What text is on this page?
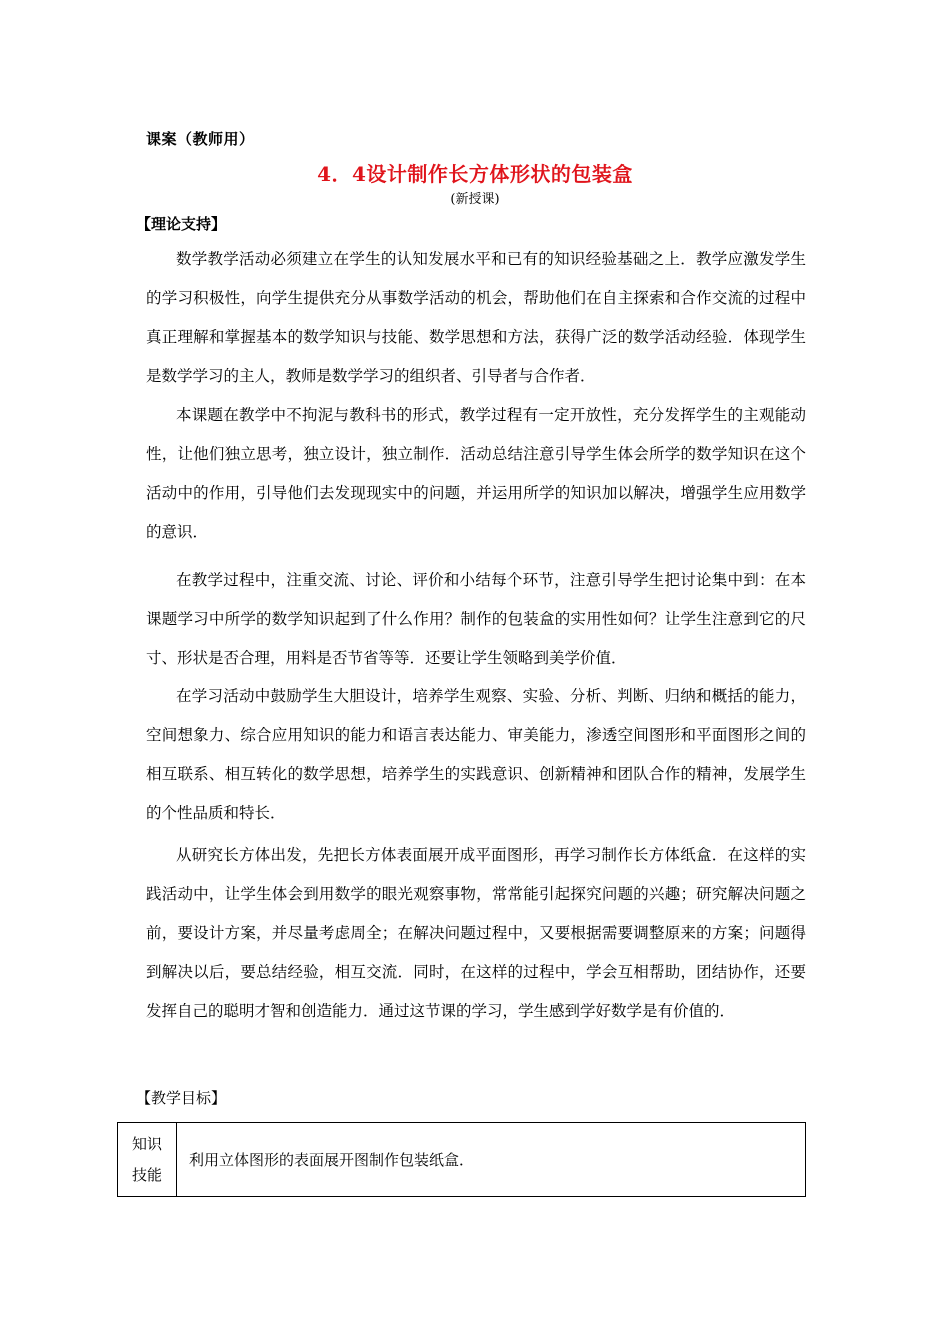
课案（教师用）
4．4设计制作长方体形状的包装盒
(新授课)
【理论支持】

数学教学活动必须建立在学生的认知发展水平和已有的知识经验基础之上．教学应激发学生的学习积极性，向学生提供充分从事数学活动的机会，帮助他们在自主探索和合作交流的过程中真正理解和掌握基本的数学知识与技能、数学思想和方法，获得广泛的数学活动经验．体现学生是数学学习的主人，教师是数学学习的组织者、引导者与合作者．

本课题在教学中不拘泥与教科书的形式，教学过程有一定开放性，充分发挥学生的主观能动性，让他们独立思考，独立设计，独立制作．活动总结注意引导学生体会所学的数学知识在这个活动中的作用，引导他们去发现现实中的问题，并运用所学的知识加以解决，增强学生应用数学的意识．

在教学过程中，注重交流、讨论、评价和小结每个环节，注意引导学生把讨论集中到：在本课题学习中所学的数学知识起到了什么作用？制作的包装盒的实用性如何？让学生注意到它的尺寸、形状是否合理，用料是否节省等等．还要让学生领略到美学价值．

在学习活动中鼓励学生大胆设计，培养学生观察、实验、分析、判断、归纳和概括的能力，空间想象力、综合应用知识的能力和语言表达能力、审美能力，渗透空间图形和平面图形之间的相互联系、相互转化的数学思想，培养学生的实践意识、创新精神和团队合作的精神，发展学生的个性品质和特长．

从研究长方体出发，先把长方体表面展开成平面图形，再学习制作长方体纸盒．在这样的实践活动中，让学生体会到用数学的眼光观察事物，常常能引起探究问题的兴趣；研究解决问题之前，要设计方案，并尽量考虑周全；在解决问题过程中，又要根据需要调整原来的方案；问题得到解决以后，要总结经验，相互交流．同时，在这样的过程中，学会互相帮助，团结协作，还要发挥自己的聪明才智和创造能力．通过这节课的学习，学生感到学好数学是有价值的．

【教学目标】
知识
技能
	利用立体图形的表面展开图制作包装纸盒．
